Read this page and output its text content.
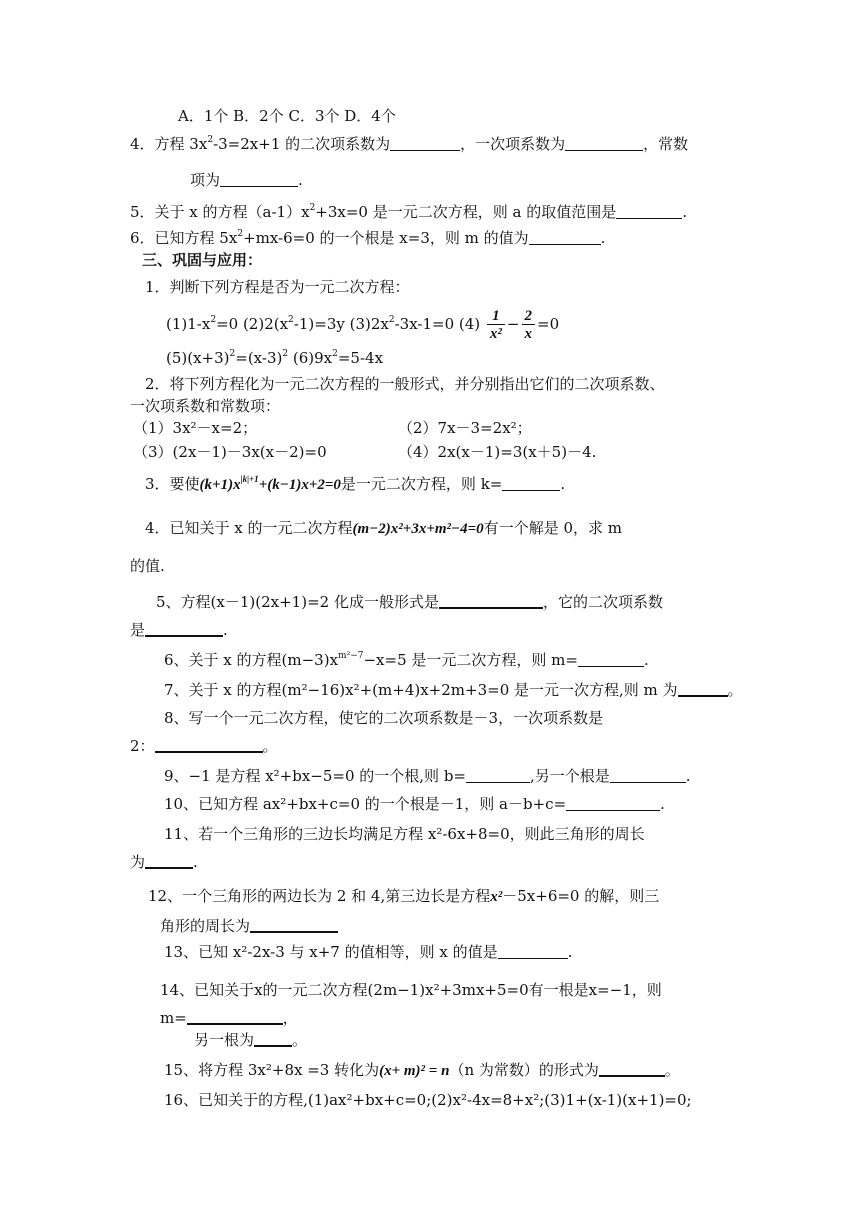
A．1个 B．2个 C．3个 D．4个
4．方程 $3x^2-3=2x+1$ 的二次项系数为	，一次项系数为	，常数
项为	.
5．关于 x 的方程$(a-1)x^2+3x=0$ 是一元二次方程，则 a 的取值范围是	.
6．已知方程 $5x^2+mx-6=0$ 的一个根是 x=3，则 m 的值为	.
三、巩固与应用：
1．判断下列方程是否为一元二次方程：
$(1)1-x^2=0$ $(2)2(x^2-1)=3y$ $(3)2x^2-3x-1=0$ $(4) \frac{1}{\text{x²}} - \frac{2}{x} =0$
$(5)(x+3)^2=(x-3)^2$ $(6)9x^2=5-4x$
2．将下列方程化为一元二次方程的一般形式，并分别指出它们的二次项系数、
一次项系数和常数项：
（1）3x²－x=2；	（2）7x－3=2x²；
（3）(2x－1)－3x(x－2)=0	（4）2x(x－1)=3(x＋5)－4.
3．要使$(k+1)x^{|k|+1}+(k-1)x+2=0$是一元二次方程，则 k=	.
4．已知关于 x 的一元二次方程(m−2)x²+3x+m²−4=0有一个解是 0，求 m
的值.
5、方程(x－1)(2x+1)=2 化成一般形式是	，它的二次项系数
是	.
6、关于 x 的方程$(m-3)x^{m^2-7}-x=5$ 是一元二次方程，则 m=	.
7、关于 x 的方程(m²−16)x²+(m+4)x+2m+3=0 是一元一次方程,则 m 为	。
8、写一个一元二次方程，使它的二次项系数是－3，一次项系数是
2：	。
9、−1 是方程 x²+bx−5=0 的一个根,则 b=	,另一个根是	.
10、已知方程 ax²+bx+c=0 的一个根是－1，则 a－b+c=	.
11、若一个三角形的三边长均满足方程 x²-6x+8=0，则此三角形的周长
为	.
12、一个三角形的两边长为 2 和 4,第三边长是方程x²－5x+6=0 的解，则三
角形的周长为
13、已知 x²-2x-3 与 x+7 的值相等，则 x 的值是	.
14、已知关于x的一元二次方程(2m−1)x²+3mx+5=0有一根是x=−1，则
m=	，
另一根为	。
15、将方程 3x²+8x =3 转化为(x+ m)² = n（n 为常数）的形式为	。
16、已知关于的方程,(1)ax²+bx+c=0;(2)x²-4x=8+x²;(3)1+(x-1)(x+1)=0;
